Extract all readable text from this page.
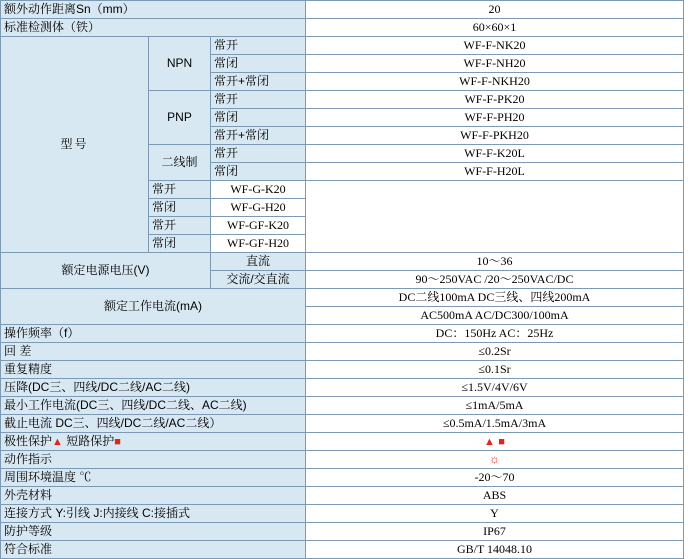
额外动作距离Sn（mm）			20
标准检测体（铁）			60×60×1
型号	NPN	常开	WF-F-NK20
		常闭	WF-F-NH20
		常开+常闭	WF-F-NKH20
	PNP	常开	WF-F-PK20
		常闭	WF-F-PH20
		常开+常闭	WF-F-PKH20
	二线制	常开	WF-F-K20L
		常闭	WF-F-H20L
	常开	WF-G-K20	
	常闭	WF-G-H20	
	常开	WF-GF-K20	
	常闭	WF-GF-H20	
额定电源电压(V)		直流	10～36
		交流/交直流	90～250VAC /20～250VAC/DC
额定工作电流(mA)			DC二线100mA DC三线、四线200mA
			AC500mA AC/DC300/100mA
操作频率（f）			DC：150Hz AC：25Hz
回 差			≤0.2Sr
重复精度			≤0.1Sr
压降(DC三、四线/DC二线/AC二线)			≤1.5V/4V/6V
最小工作电流(DC三、四线/DC二线、AC二线)			≤1mA/5mA
截止电流 DC三、四线/DC二线/AC二线）			≤0.5mA/1.5mA/3mA
极性保护▲ 短路保护■			▲ ■
动作指示			☼
周围环境温度 ℃			-20～70
外壳材料			ABS
连接方式 Y:引线 J:内接线 C:接插式			Y
防护等级			IP67
符合标准			GB/T 14048.10
